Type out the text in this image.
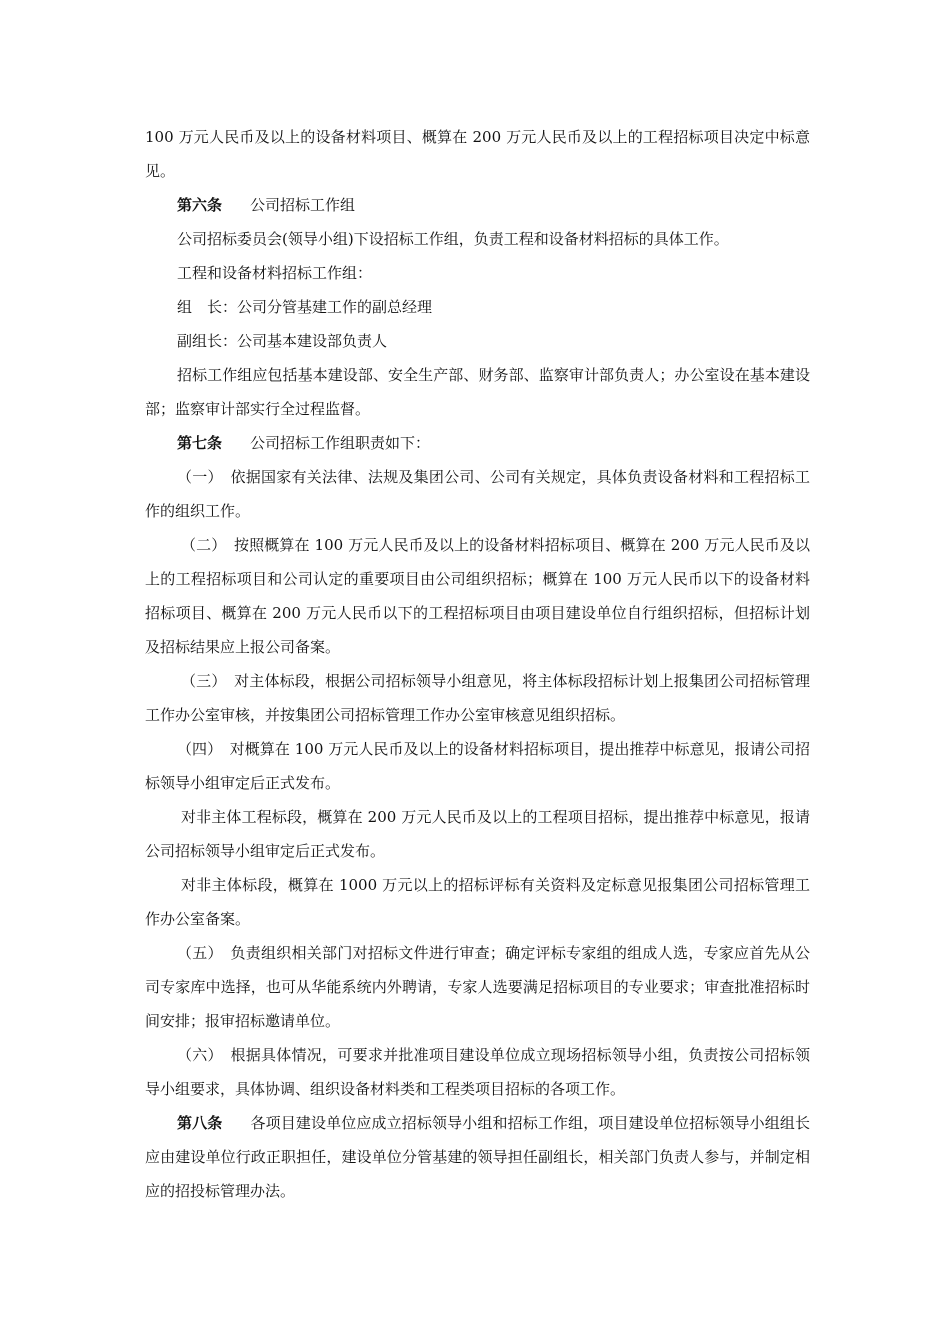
100 万元人民币及以上的设备材料项目、概算在 200 万元人民币及以上的工程招标项目决定中标意见。

第六条 公司招标工作组

公司招标委员会(领导小组)下设招标工作组，负责工程和设备材料招标的具体工作。

工程和设备材料招标工作组：

组　长：公司分管基建工作的副总经理

副组长：公司基本建设部负责人

招标工作组应包括基本建设部、安全生产部、财务部、监察审计部负责人；办公室设在基本建设部；监察审计部实行全过程监督。

第七条 公司招标工作组职责如下：

（一）　依据国家有关法律、法规及集团公司、公司有关规定，具体负责设备材料和工程招标工作的组织工作。

（二）　按照概算在 100 万元人民币及以上的设备材料招标项目、概算在 200 万元人民币及以上的工程招标项目和公司认定的重要项目由公司组织招标；概算在 100 万元人民币以下的设备材料招标项目、概算在 200 万元人民币以下的工程招标项目由项目建设单位自行组织招标，但招标计划及招标结果应上报公司备案。

（三）　对主体标段，根据公司招标领导小组意见，将主体标段招标计划上报集团公司招标管理工作办公室审核，并按集团公司招标管理工作办公室审核意见组织招标。

（四）　对概算在 100 万元人民币及以上的设备材料招标项目，提出推荐中标意见，报请公司招标领导小组审定后正式发布。

对非主体工程标段，概算在 200 万元人民币及以上的工程项目招标，提出推荐中标意见，报请公司招标领导小组审定后正式发布。

对非主体标段，概算在 1000 万元以上的招标评标有关资料及定标意见报集团公司招标管理工作办公室备案。

（五）　负责组织相关部门对招标文件进行审查；确定评标专家组的组成人选，专家应首先从公司专家库中选择，也可从华能系统内外聘请，专家人选要满足招标项目的专业要求；审查批准招标时间安排；报审招标邀请单位。

（六）　根据具体情况，可要求并批准项目建设单位成立现场招标领导小组，负责按公司招标领导小组要求，具体协调、组织设备材料类和工程类项目招标的各项工作。

第八条 各项目建设单位应成立招标领导小组和招标工作组，项目建设单位招标领导小组组长应由建设单位行政正职担任，建设单位分管基建的领导担任副组长，相关部门负责人参与，并制定相应的招投标管理办法。
